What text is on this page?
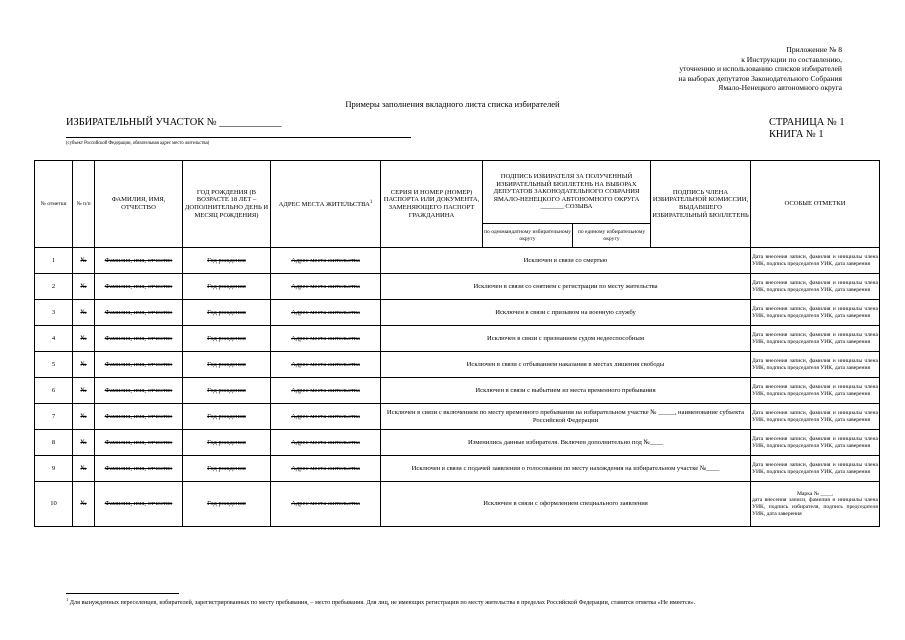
Приложение № 8
к Инструкции по составлению,
уточнению и использованию списков избирателей
на выборах депутатов Законодательного Собрания
Ямало-Ненецкого автономного округа
Примеры заполнения вкладного листа списка избирателей
ИЗБИРАТЕЛЬНЫЙ УЧАСТОК № ____________	СТРАНИЦА № 1
КНИГА № 1
(субъект Российской Федерации, обязательная адрес место жительства)
№ отметки	№ п/п	ФАМИЛИЯ, ИМЯ, ОТЧЕСТВО	ГОД РОЖДЕНИЯ (В ВОЗРАСТЕ 18 ЛЕТ – ДОПОЛНИТЕЛЬНО ДЕНЬ И МЕСЯЦ РОЖДЕНИЯ)	АДРЕС МЕСТА ЖИТЕЛЬСТВА$^1$	СЕРИЯ И НОМЕР (НОМЕР) ПАСПОРТА ИЛИ ДОКУМЕНТА, ЗАМЕНЯЮЩЕГО ПАСПОРТ ГРАЖДАНИНА	ПОДПИСЬ ИЗБИРАТЕЛЯ ЗА ПОЛУЧЕННЫЙ ИЗБИРАТЕЛЬНЫЙ БЮЛЛЕТЕНЬ НА ВЫБОРАХ ДЕПУТАТОВ ЗАКОНОДАТЕЛЬНОГО СОБРАНИЯ ЯМАЛО-НЕНЕЦКОГО АВТОНОМНОГО ОКРУГА _______ СОЗЫВА		ПОДПИСЬ ЧЛЕНА ИЗБИРАТЕЛЬНОЙ КОМИССИИ, ВЫДАВШЕГО ИЗБИРАТЕЛЬНЫЙ БЮЛЛЕТЕНЬ	ОСОБЫЕ ОТМЕТКИ
						по одномандатному избирательному округу	по единому избирательному округу		
1	№	Фамилия, имя, отчество	Год рождения	Адрес места жительства	Исключен в связи со смертью				Дата внесения записи, фамилия и инициалы члена УИК, подпись председателя УИК, дата заверения
2	№	Фамилия, имя, отчество	Год рождения	Адрес места жительства	Исключен в связи со снятием с регистрации по месту жительства				Дата внесения записи, фамилия и инициалы члена УИК, подпись председателя УИК, дата заверения
3	№	Фамилия, имя, отчество	Год рождения	Адрес места жительства	Исключен в связи с призывом на военную службу				Дата внесения записи, фамилия и инициалы члена УИК, подпись председателя УИК, дата заверения
4	№	Фамилия, имя, отчество	Год рождения	Адрес места жительства	Исключен в связи с признанием судом недееспособным				Дата внесения записи, фамилия и инициалы члена УИК, подпись председателя УИК, дата заверения
5	№	Фамилия, имя, отчество	Год рождения	Адрес места жительства	Исключен в связи с отбыванием наказания в местах лишения свободы				Дата внесения записи, фамилия и инициалы члена УИК, подпись председателя УИК, дата заверения
6	№	Фамилия, имя, отчество	Год рождения	Адрес места жительства	Исключен в связи с выбытием из места временного пребывания				Дата внесения записи, фамилия и инициалы члена УИК, подпись председателя УИК, дата заверения
7	№	Фамилия, имя, отчество	Год рождения	Адрес места жительства	Исключен в связи с включением по месту временного пребывания на избирательном участке № _____, наименование субъекта Российской Федерации				Дата внесения записи, фамилия и инициалы члена УИК, подпись председателя УИК, дата заверения
8	№	Фамилия, имя, отчество	Год рождения	Адрес места жительства	Изменились данные избирателя. Включен дополнительно под №____				Дата внесения записи, фамилия и инициалы члена УИК, подпись председателя УИК, дата заверения
9	№	Фамилия, имя, отчество	Год рождения	Адрес места жительства	Исключен в связи с подачей заявления о голосовании по месту нахождения на избирательном участке №____				Дата внесения записи, фамилия и инициалы члена УИК, подпись председателя УИК, дата заверения
10	№	Фамилия, имя, отчество	Год рождения	Адрес места жительства	Исключен в связи с оформлением специального заявления				Марка № ____,
дата внесения записи, фамилия и инициалы члена УИК, подпись избирателя, подпись председателя УИК, дата заверения
$^1$ Для вынужденных переселенцев, избирателей, зарегистрированных по месту пребывания, – место пребывания. Для лиц, не имеющих регистрации по месту жительства в пределах Российской Федерации, ставится отметка «Не имеется».
